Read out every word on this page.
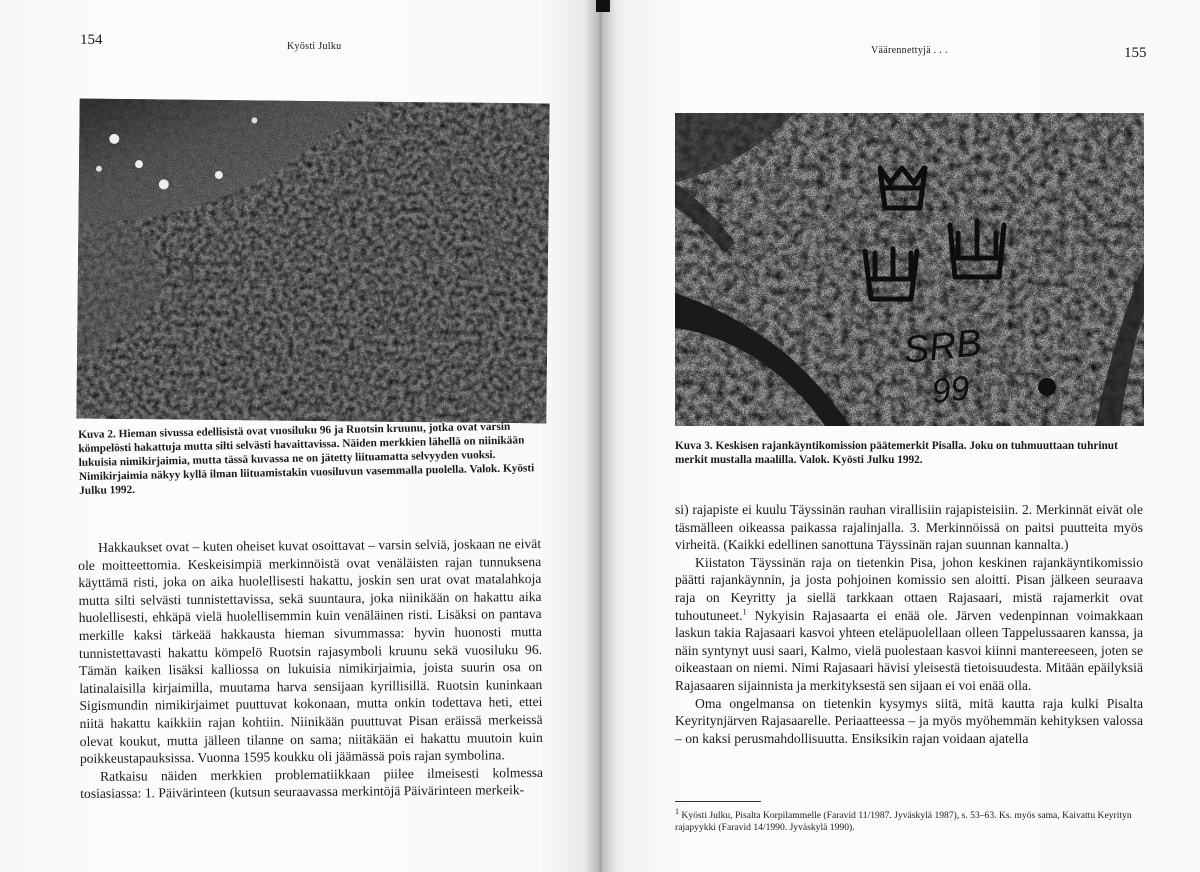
154	Kyösti Julku
Kuva 2. Hieman sivussa edellisistä ovat vuosiluku 96 ja Ruotsin kruunu, jotka ovat varsin kömpelösti hakattuja mutta silti selvästi havaittavissa. Näiden merkkien lähellä on niinikään lukuisia nimikirjaimia, mutta tässä kuvassa ne on jätetty liituamatta selvyyden vuoksi. Nimikirjaimia näkyy kyllä ilman liituamistakin vuosiluvun vasemmalla puolella. Valok. Kyösti Julku 1992.

Hakkaukset ovat – kuten oheiset kuvat osoittavat – varsin selviä, joskaan ne eivät ole moitteettomia. Keskeisimpiä merkinnöistä ovat venäläisten rajan tunnuksena käyttämä risti, joka on aika huolellisesti hakattu, joskin sen urat ovat matalahkoja mutta silti selvästi tunnistettavissa, sekä suuntaura, joka niinikään on hakattu aika huolellisesti, ehkäpä vielä huolellisemmin kuin venäläinen risti. Lisäksi on pantava merkille kaksi tärkeää hakkausta hieman sivummassa: hyvin huonosti mutta tunnistettavasti hakattu kömpelö Ruotsin rajasymboli kruunu sekä vuosiluku 96. Tämän kaiken lisäksi kalliossa on lukuisia nimikirjaimia, joista suurin osa on latinalaisilla kirjaimilla, muutama harva sensijaan kyrillisillä. Ruotsin kuninkaan Sigismundin nimikirjaimet puuttuvat kokonaan, mutta onkin todettava heti, ettei niitä hakattu kaikkiin rajan kohtiin. Niinikään puuttuvat Pisan eräissä merkeissä olevat koukut, mutta jälleen tilanne on sama; niitäkään ei hakattu muutoin kuin poikkeustapauksissa. Vuonna 1595 koukku oli jäämässä pois rajan symbolina.

Ratkaisu näiden merkkien problematiikkaan piilee ilmeisesti kolmessa tosiasiassa: 1. Päivärinteen (kutsun seuraavassa merkintöjä Päivärinteen merkeik-

Väärennettyjä . . .	155
SRB
99
Kuva 3. Keskisen rajankäyntikomission päätemerkit Pisalla. Joku on tuhmuuttaan tuhrinut merkit mustalla maalilla. Valok. Kyösti Julku 1992.

si) rajapiste ei kuulu Täyssinän rauhan virallisiin rajapisteisiin. 2. Merkinnät eivät ole täsmälleen oikeassa paikassa rajalinjalla. 3. Merkinnöissä on paitsi puutteita myös virheitä. (Kaikki edellinen sanottuna Täyssinän rajan suunnan kannalta.)

Kiistaton Täyssinän raja on tietenkin Pisa, johon keskinen rajankäyntikomissio päätti rajankäynnin, ja josta pohjoinen komissio sen aloitti. Pisan jälkeen seuraava raja on Keyritty ja siellä tarkkaan ottaen Rajasaari, mistä rajamerkit ovat tuhoutuneet.$^1$ Nykyisin Rajasaarta ei enää ole. Järven vedenpinnan voimakkaan laskun takia Rajasaari kasvoi yhteen eteläpuolellaan olleen Tappelussaaren kanssa, ja näin syntynyt uusi saari, Kalmo, vielä puolestaan kasvoi kiinni mantereeseen, joten se oikeastaan on niemi. Nimi Rajasaari hävisi yleisestä tietoisuudesta. Mitään epäilyksiä Rajasaaren sijainnista ja merkityksestä sen sijaan ei voi enää olla.

Oma ongelmansa on tietenkin kysymys siitä, mitä kautta raja kulki Pisalta Keyritynjärven Rajasaarelle. Periaatteessa – ja myös myöhemmän kehityksen valossa – on kaksi perusmahdollisuutta. Ensiksikin rajan voidaan ajatella

$^1$ Kyösti Julku, Pisalta Korpilammelle (Faravid 11/1987. Jyväskylä 1987), s. 53–63. Ks. myös sama, Kaivattu Keyrityn rajapyykki (Faravid 14/1990. Jyväskylä 1990).
